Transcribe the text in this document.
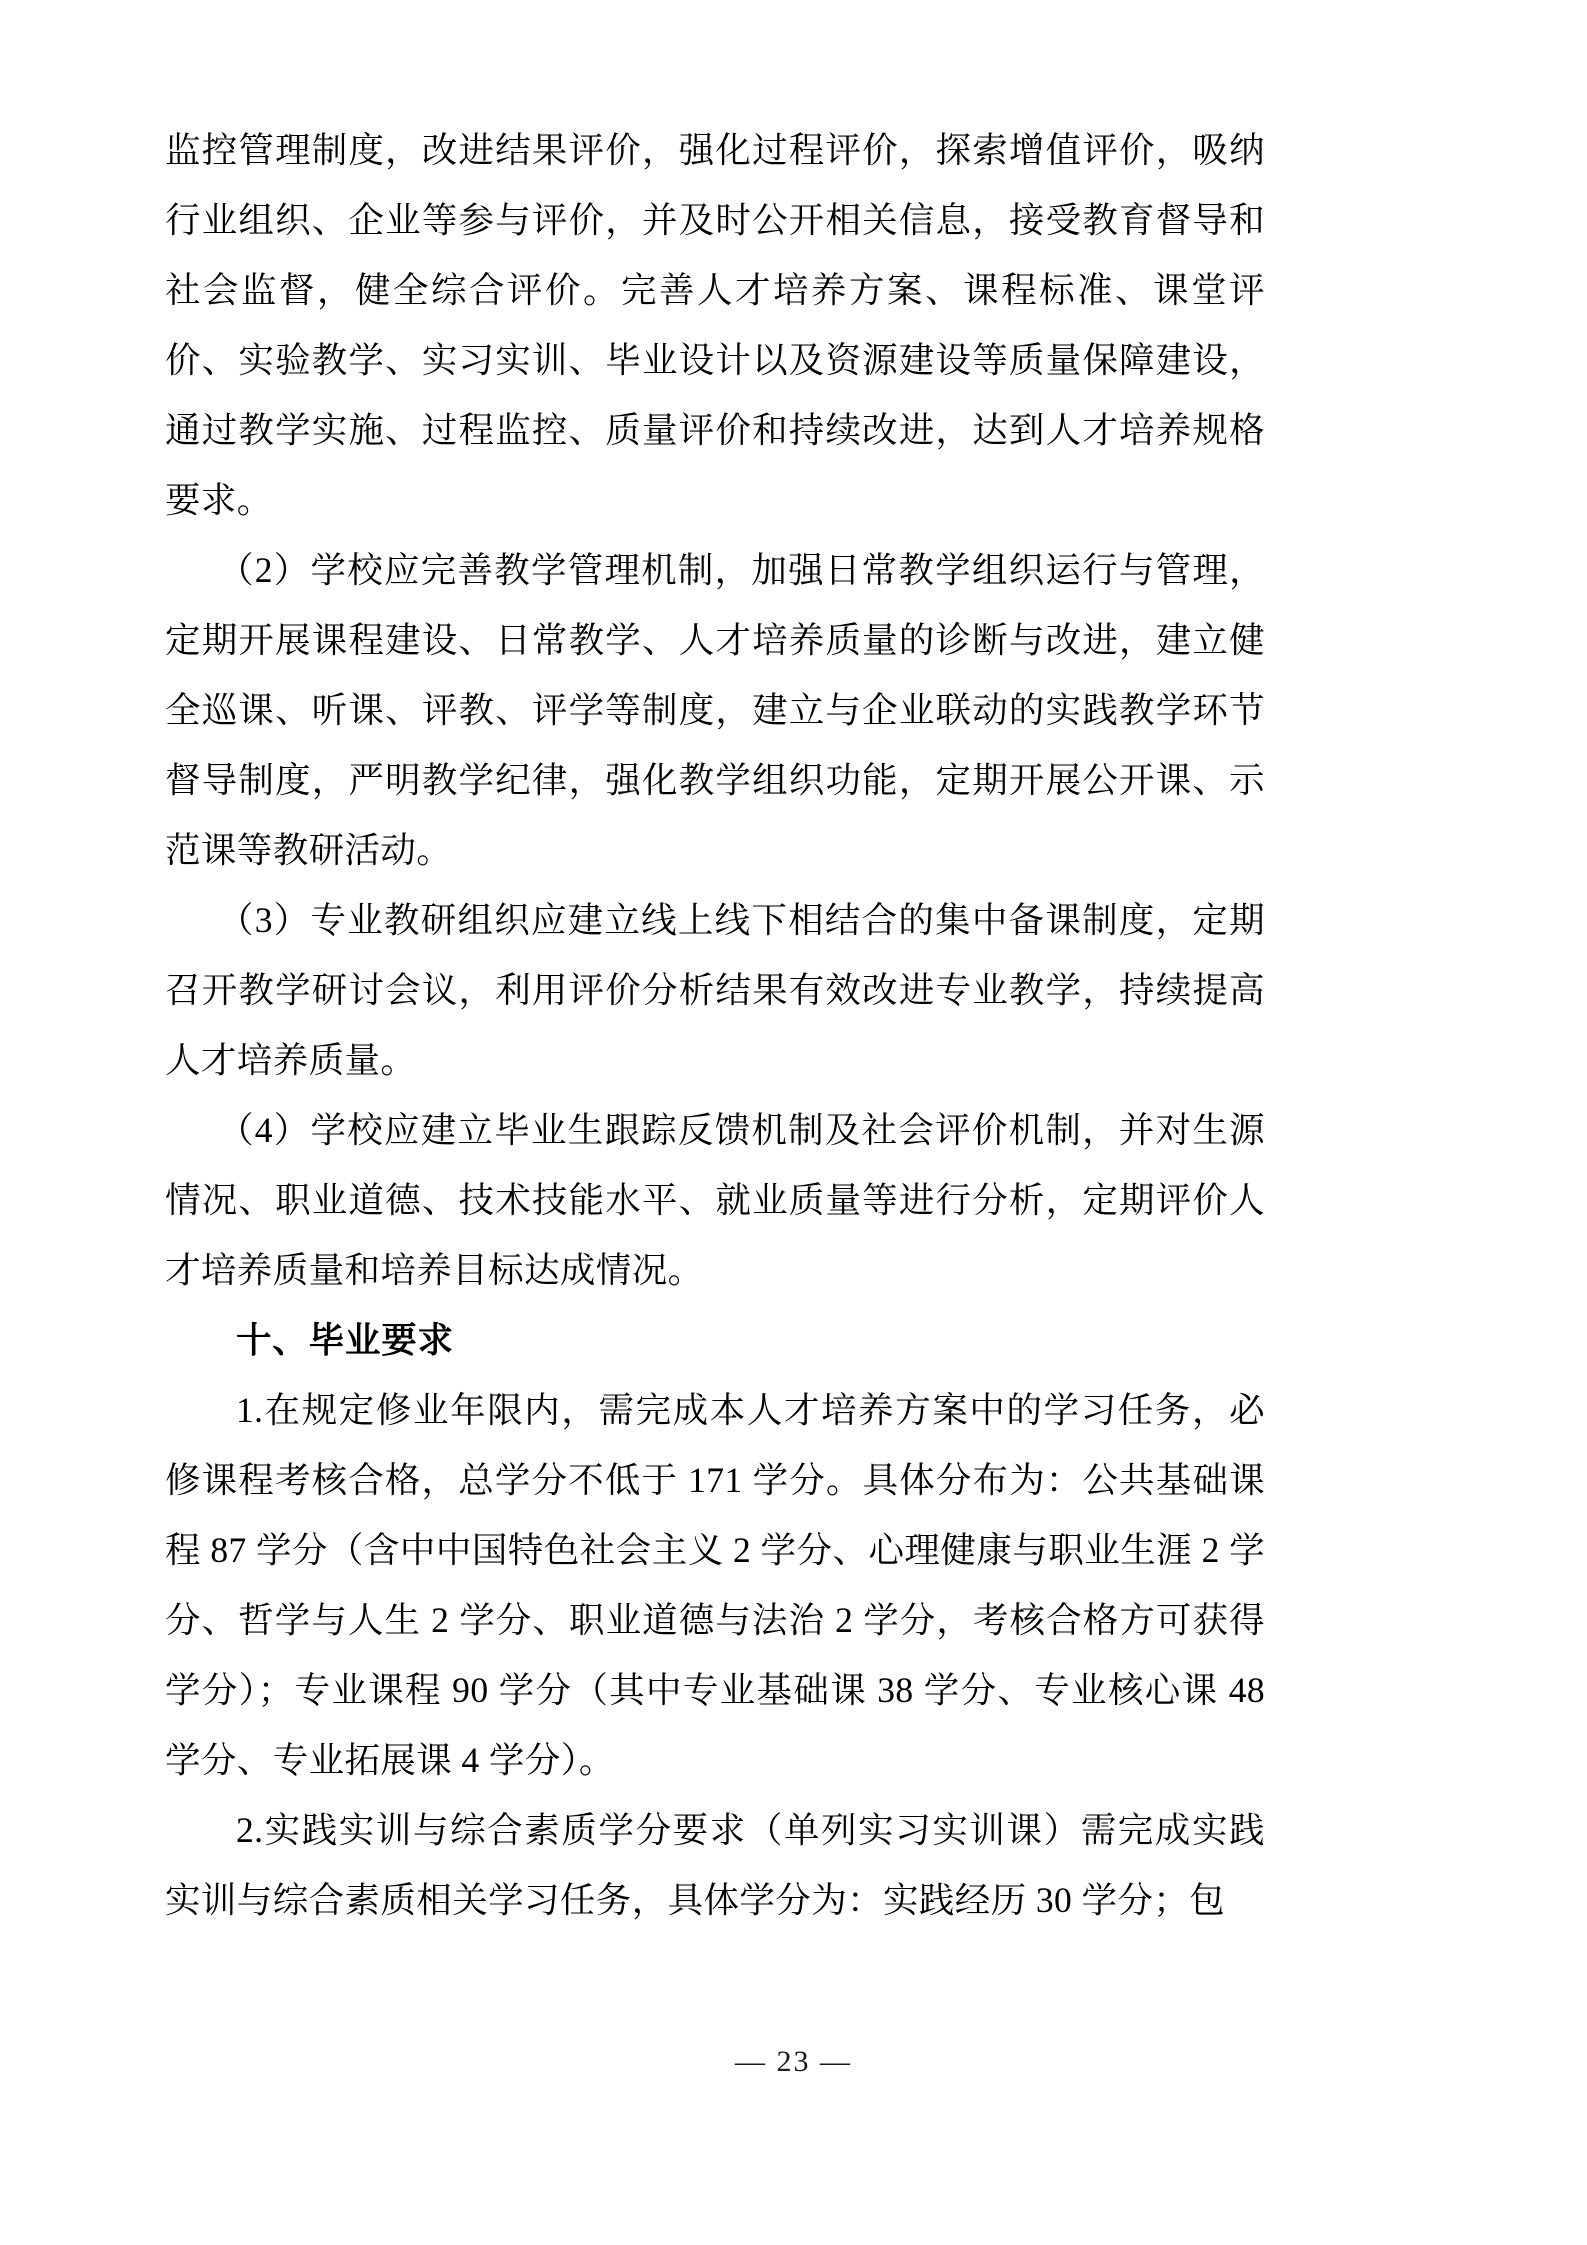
监控管理制度，改进结果评价，强化过程评价，探索增值评价，吸纳行业组织、企业等参与评价，并及时公开相关信息，接受教育督导和社会监督，健全综合评价。完善人才培养方案、课程标准、课堂评价、实验教学、实习实训、毕业设计以及资源建设等质量保障建设，通过教学实施、过程监控、质量评价和持续改进，达到人才培养规格要求。

（2）学校应完善教学管理机制，加强日常教学组织运行与管理，定期开展课程建设、日常教学、人才培养质量的诊断与改进，建立健全巡课、听课、评教、评学等制度，建立与企业联动的实践教学环节督导制度，严明教学纪律，强化教学组织功能，定期开展公开课、示范课等教研活动。

（3）专业教研组织应建立线上线下相结合的集中备课制度，定期召开教学研讨会议，利用评价分析结果有效改进专业教学，持续提高人才培养质量。

（4）学校应建立毕业生跟踪反馈机制及社会评价机制，并对生源情况、职业道德、技术技能水平、就业质量等进行分析，定期评价人才培养质量和培养目标达成情况。

十、毕业要求

1.在规定修业年限内，需完成本人才培养方案中的学习任务，必修课程考核合格，总学分不低于 171 学分。具体分布为：公共基础课程 87 学分（含中中国特色社会主义 2 学分、心理健康与职业生涯 2 学分、哲学与人生 2 学分、职业道德与法治 2 学分，考核合格方可获得学分）；专业课程 90 学分（其中专业基础课 38 学分、专业核心课 48 学分、专业拓展课 4 学分）。

2.实践实训与综合素质学分要求（单列实习实训课）需完成实践实训与综合素质相关学习任务，具体学分为：实践经历 30 学分；包

— 23 —
